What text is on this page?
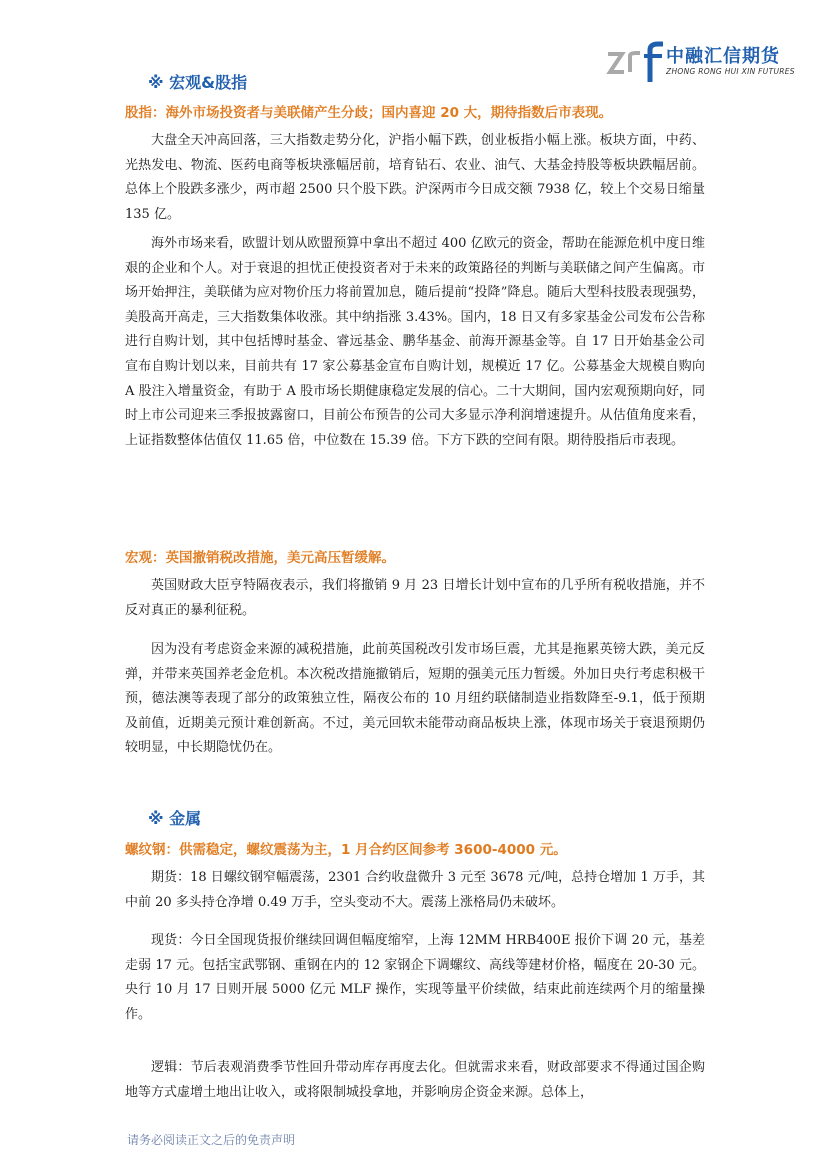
中融汇信期货
ZHONG RONG HUI XIN FUTURES
※ 宏观&股指
股指：海外市场投资者与美联储产生分歧；国内喜迎 20 大，期待指数后市表现。
大盘全天冲高回落，三大指数走势分化，沪指小幅下跌，创业板指小幅上涨。板块方面，中药、光热发电、物流、医药电商等板块涨幅居前，培育钻石、农业、油气、大基金持股等板块跌幅居前。总体上个股跌多涨少，两市超 2500 只个股下跌。沪深两市今日成交额 7938 亿，较上个交易日缩量 135 亿。
海外市场来看，欧盟计划从欧盟预算中拿出不超过 400 亿欧元的资金，帮助在能源危机中度日维艰的企业和个人。对于衰退的担忧正使投资者对于未来的政策路径的判断与美联储之间产生偏离。市场开始押注，美联储为应对物价压力将前置加息，随后提前“投降”降息。随后大型科技股表现强势，美股高开高走，三大指数集体收涨。其中纳指涨 3.43%。国内，18 日又有多家基金公司发布公告称进行自购计划，其中包括博时基金、睿远基金、鹏华基金、前海开源基金等。自 17 日开始基金公司宣布自购计划以来，目前共有 17 家公募基金宣布自购计划，规模近 17 亿。公募基金大规模自购向 A 股注入增量资金，有助于 A 股市场长期健康稳定发展的信心。二十大期间，国内宏观预期向好，同时上市公司迎来三季报披露窗口，目前公布预告的公司大多显示净利润增速提升。从估值角度来看，上证指数整体估值仅 11.65 倍，中位数在 15.39 倍。下方下跌的空间有限。期待股指后市表现。
宏观：英国撤销税改措施，美元高压暂缓解。
英国财政大臣亨特隔夜表示，我们将撤销 9 月 23 日增长计划中宣布的几乎所有税收措施，并不反对真正的暴利征税。
因为没有考虑资金来源的减税措施，此前英国税改引发市场巨震，尤其是拖累英镑大跌，美元反弹，并带来英国养老金危机。本次税改措施撤销后，短期的强美元压力暂缓。外加日央行考虑积极干预，德法澳等表现了部分的政策独立性，隔夜公布的 10 月纽约联储制造业指数降至-9.1，低于预期及前值，近期美元预计难创新高。不过，美元回软未能带动商品板块上涨，体现市场关于衰退预期仍较明显，中长期隐忧仍在。
※ 金属
螺纹钢：供需稳定，螺纹震荡为主，1 月合约区间参考 3600-4000 元。
期货：18 日螺纹钢窄幅震荡，2301 合约收盘微升 3 元至 3678 元/吨，总持仓增加 1 万手，其中前 20 多头持仓净增 0.49 万手，空头变动不大。震荡上涨格局仍未破坏。
现货：今日全国现货报价继续回调但幅度缩窄，上海 12MM HRB400E 报价下调 20 元，基差走弱 17 元。包括宝武鄂钢、重钢在内的 12 家钢企下调螺纹、高线等建材价格，幅度在 20-30 元。央行 10 月 17 日则开展 5000 亿元 MLF 操作，实现等量平价续做，结束此前连续两个月的缩量操作。
逻辑：节后表观消费季节性回升带动库存再度去化。但就需求来看，财政部要求不得通过国企购地等方式虚增土地出让收入，或将限制城投拿地，并影响房企资金来源。总体上，
请务必阅读正文之后的免责声明
